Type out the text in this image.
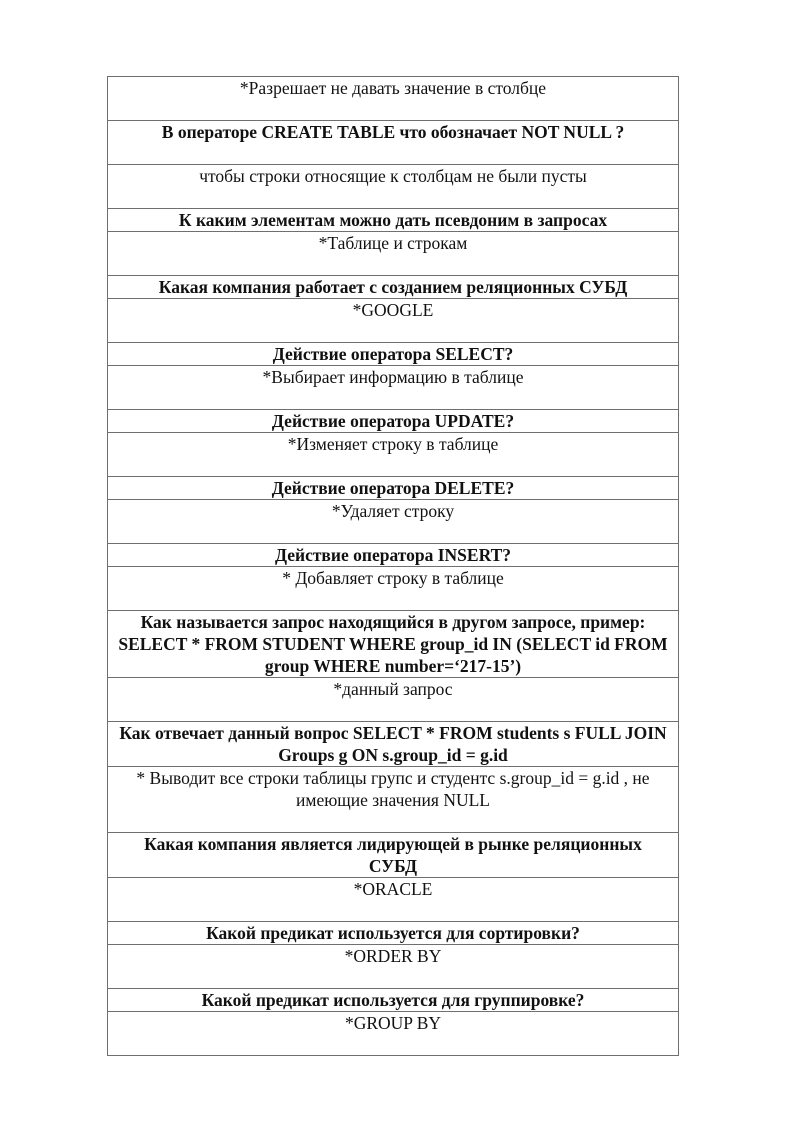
*Разрешает не давать значение в столбце
В операторе CREATE TABLE что обозначает NOT NULL ?
чтобы строки относящие к столбцам не были пусты
К каким элементам можно дать псевдоним в запросах
*Таблице и строкам
Какая компания работает с созданием реляционных СУБД
*GOOGLE
Действие оператора SELECT?
*Выбирает информацию в таблице
Действие оператора UPDATE?
*Изменяет строку в таблице
Действие оператора DELETE?
*Удаляет строку
Действие оператора INSERT?
* Добавляет строку в таблице
Как называется запрос находящийся в другом запросе, пример: SELECT * FROM STUDENT WHERE group_id IN (SELECT id FROM group WHERE number=‘217-15’)
*данный запрос
Как отвечает данный вопрос SELECT * FROM students s FULL JOIN Groups g ON s.group_id = g.id
* Выводит все строки таблицы групс и студентс s.group_id = g.id , не имеющие значения NULL
Какая компания является лидирующей в рынке реляционных СУБД
*ORACLE
Какой предикат используется для сортировки?
*ORDER BY
Какой предикат используется для группировке?
*GROUP BY
